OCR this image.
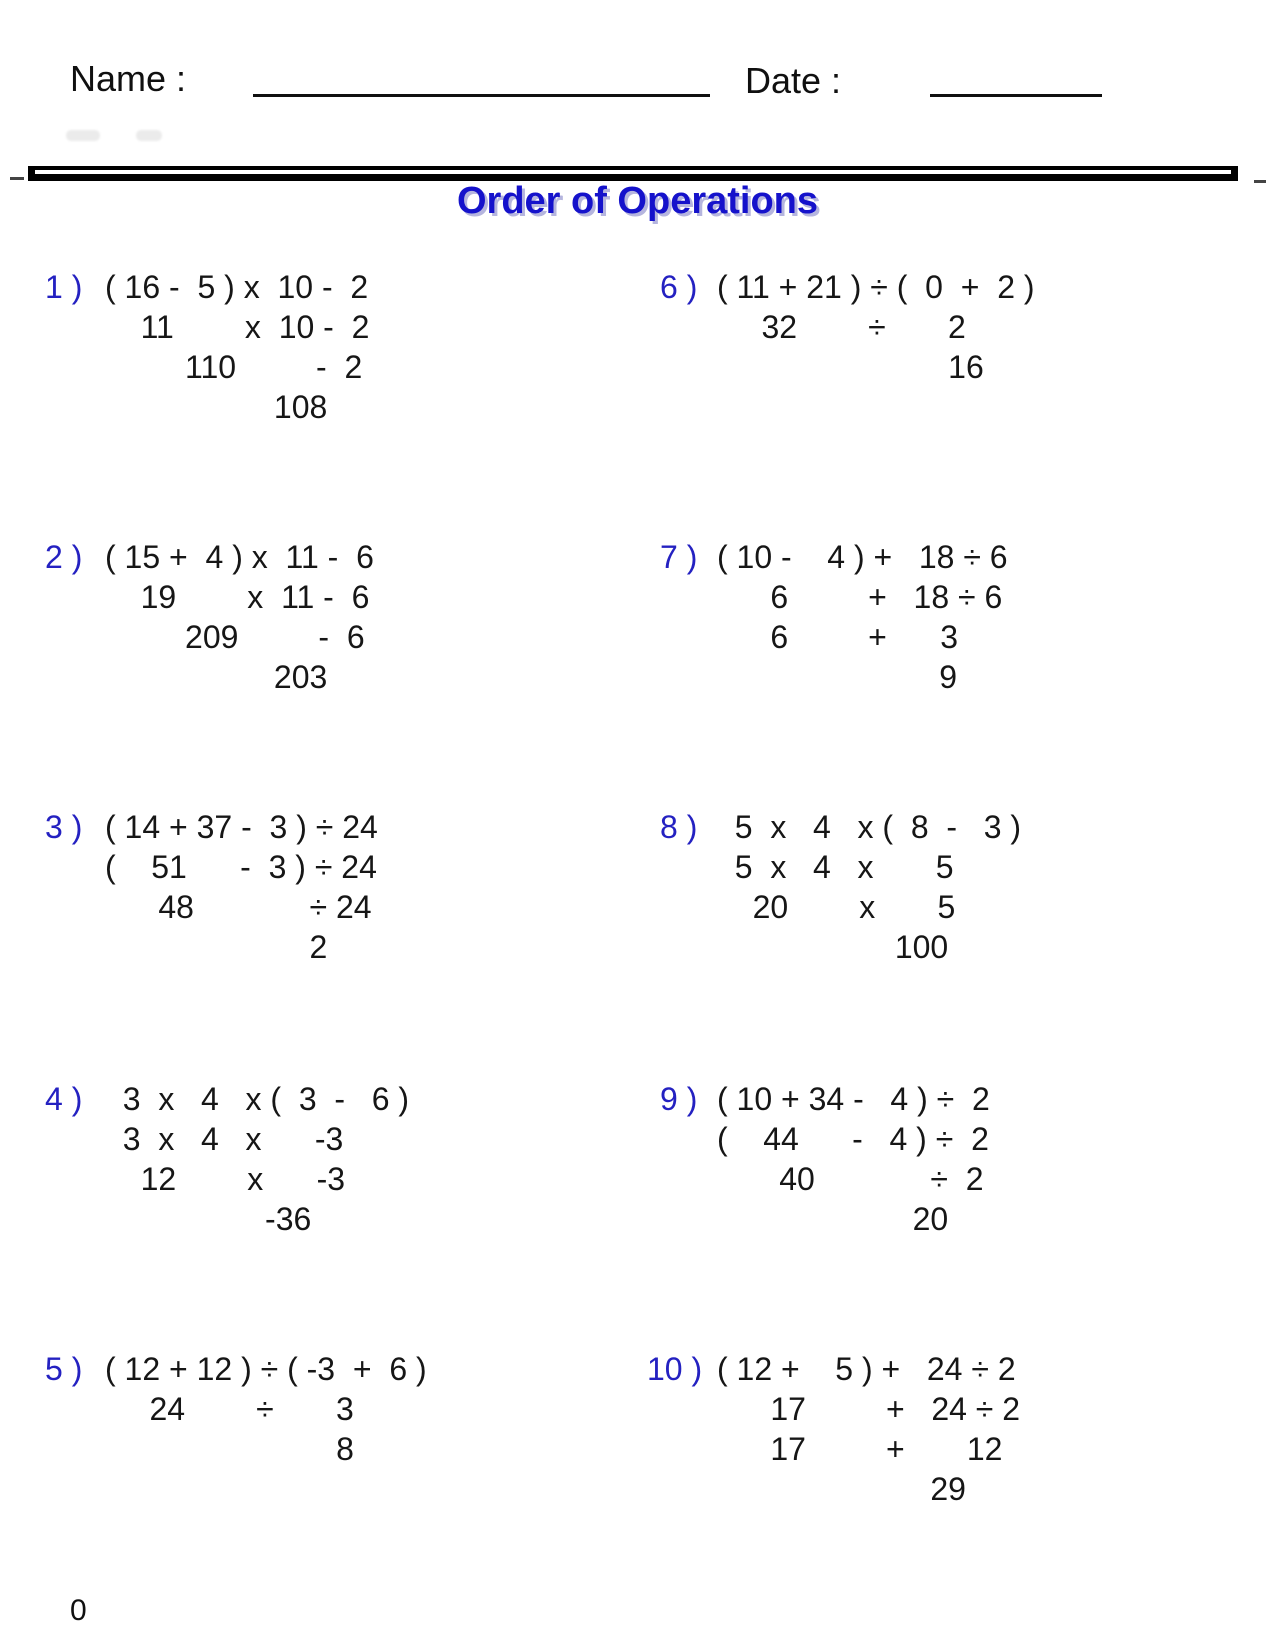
Name :	Date :
Order of Operations
1 ) ( 16 -  5 ) x  10 -  2
11        x  10 -  2
110         -  2
108
2 ) ( 15 +  4 ) x  11 -  6
19        x  11 -  6
209         -  6
203
3 ) ( 14 + 37 -  3 ) ÷ 24
(    51      -  3 ) ÷ 24
48             ÷ 24
2
4 ) 3  x   4   x (  3  -   6 )
3  x   4   x      -3
12        x      -3
-36
5 ) ( 12 + 12 ) ÷ ( -3  +  6 )
24        ÷       3
8
6 ) ( 11 + 21 ) ÷ (  0  +  2 )
32        ÷       2
16
7 ) ( 10 -    4 ) +   18 ÷ 6
6         +   18 ÷ 6
6         +      3
9
8 ) 5  x   4   x (  8  -   3 )
5  x   4   x       5
20        x       5
100
9 ) ( 10 + 34 -   4 ) ÷  2
(    44      -   4 ) ÷  2
40             ÷  2
20
10 ) ( 12 +    5 ) +   24 ÷ 2
17         +   24 ÷ 2
17         +       12
29
0
